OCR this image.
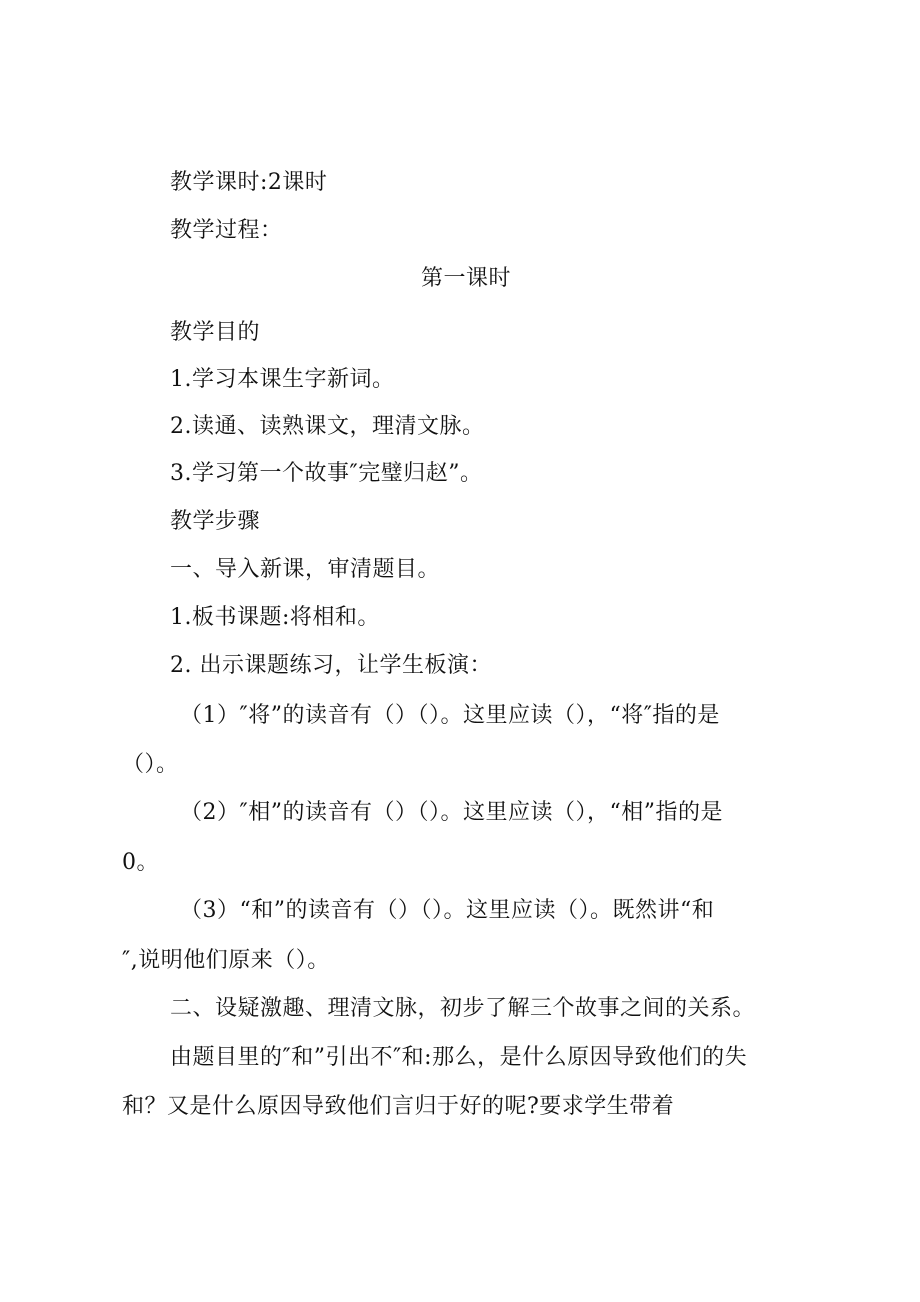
教学课时:2课时
教学过程：
第一课时
教学目的
1.学习本课生字新词。
2.读通、读熟课文，理清文脉。
3.学习第一个故事″完璧归赵”。
教学步骤
一、导入新课，审清题目。
1.板书课题:将相和。
2. 出示课题练习，让学生板演：
（1）″将”的读音有（）（）。这里应读（），“将″指的是
（）。
（2）″相”的读音有（）（）。这里应读（），“相”指的是
0。
（3）“和”的读音有（）（）。这里应读（）。既然讲“和
″,说明他们原来（）。
二、设疑激趣、理清文脉，初步了解三个故事之间的关系。
由题目里的″和”引出不″和:那么，是什么原因导致他们的失
和？又是什么原因导致他们言归于好的呢?要求学生带着
